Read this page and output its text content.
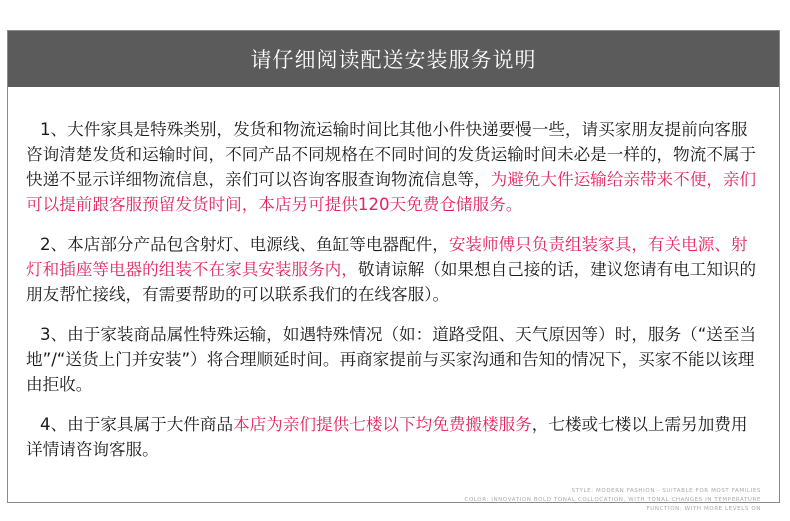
请仔细阅读配送安装服务说明

1、大件家具是特殊类别，发货和物流运输时间比其他小件快递要慢一些，请买家朋友提前向客服咨询清楚发货和运输时间，不同产品不同规格在不同时间的发货运输时间未必是一样的，物流不属于快递不显示详细物流信息，亲们可以咨询客服查询物流信息等，为避免大件运输给亲带来不便，亲们可以提前跟客服预留发货时间，本店另可提供120天免费仓储服务。

2、本店部分产品包含射灯、电源线、鱼缸等电器配件，安装师傅只负责组装家具，有关电源、射灯和插座等电器的组装不在家具安装服务内，敬请谅解（如果想自己接的话，建议您请有电工知识的朋友帮忙接线，有需要帮助的可以联系我们的在线客服）。

3、由于家装商品属性特殊运输，如遇特殊情况（如：道路受阻、天气原因等）时，服务（“送至当地”/“送货上门并安装”）将合理顺延时间。再商家提前与买家沟通和告知的情况下，买家不能以该理由拒收。

4、由于家具属于大件商品本店为亲们提供七楼以下均免费搬楼服务，七楼或七楼以上需另加费用详情请咨询客服。

STYLE: MODERN FASHION - SUITABLE FOR MOST FAMILIES
COLOR: INNOVATION BOLD TONAL COLLOCATION, WITH TONAL CHANGES IN TEMPERATURE
FUNCTION: WITH MORE LEVELS ON
